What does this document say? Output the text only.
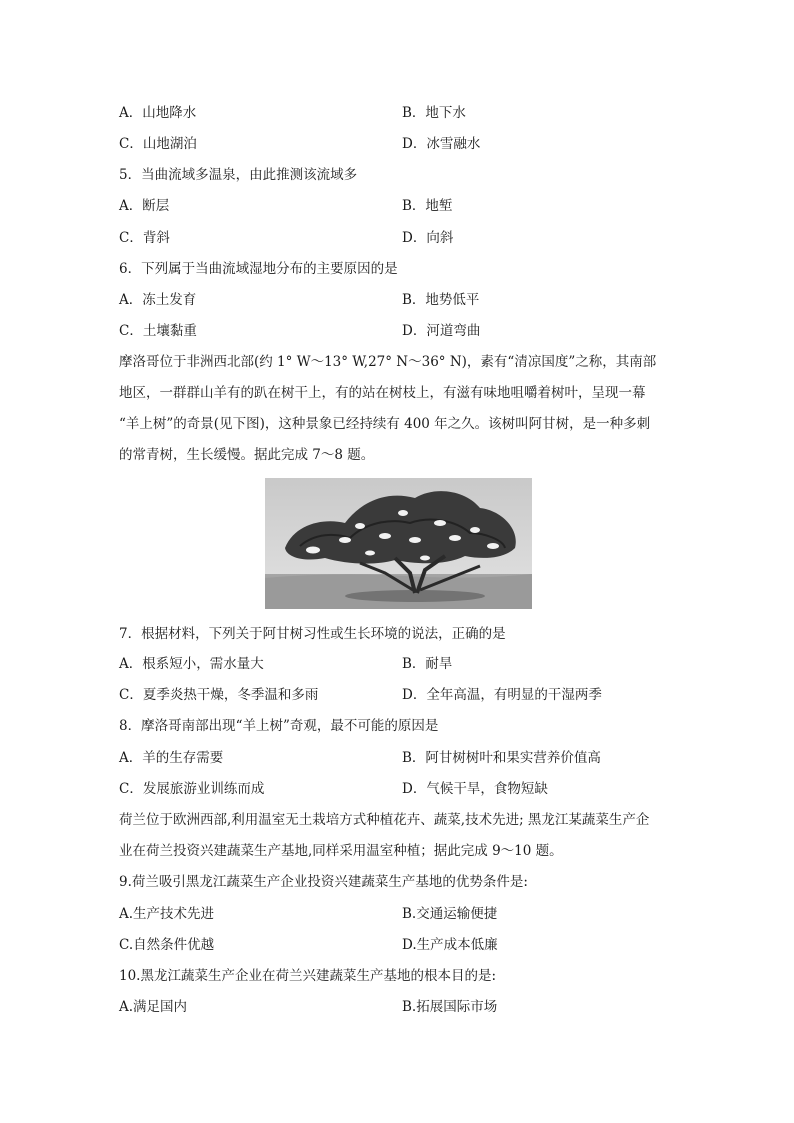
A．山地降水	B．地下水
C．山地湖泊	D．冰雪融水
5．当曲流域多温泉，由此推测该流域多
A．断层	B．地堑
C．背斜	D．向斜
6．下列属于当曲流域湿地分布的主要原因的是
A．冻土发育	B．地势低平
C．土壤黏重	D．河道弯曲
摩洛哥位于非洲西北部(约 1° W～13° W,27° N～36° N)，素有“清凉国度”之称，其南部
地区，一群群山羊有的趴在树干上，有的站在树枝上，有滋有味地咀嚼着树叶，呈现一幕
“羊上树”的奇景(见下图)，这种景象已经持续有 400 年之久。该树叫阿甘树，是一种多刺
的常青树，生长缓慢。据此完成 7～8 题。
7．根据材料，下列关于阿甘树习性或生长环境的说法，正确的是
A．根系短小，需水量大	B．耐旱
C．夏季炎热干燥，冬季温和多雨	D．全年高温，有明显的干湿两季
8．摩洛哥南部出现“羊上树”奇观，最不可能的原因是
A．羊的生存需要	B．阿甘树树叶和果实营养价值高
C．发展旅游业训练而成	D．气候干旱，食物短缺
荷兰位于欧洲西部,利用温室无土栽培方式种植花卉、蔬菜,技术先进; 黑龙江某蔬菜生产企
业在荷兰投资兴建蔬菜生产基地,同样采用温室种植；据此完成 9～10 题。
9.荷兰吸引黑龙江蔬菜生产企业投资兴建蔬菜生产基地的优势条件是:
A.生产技术先进	B.交通运输便捷
C.自然条件优越	D.生产成本低廉
10.黑龙江蔬菜生产企业在荷兰兴建蔬菜生产基地的根本目的是:
A.满足国内	B.拓展国际市场
